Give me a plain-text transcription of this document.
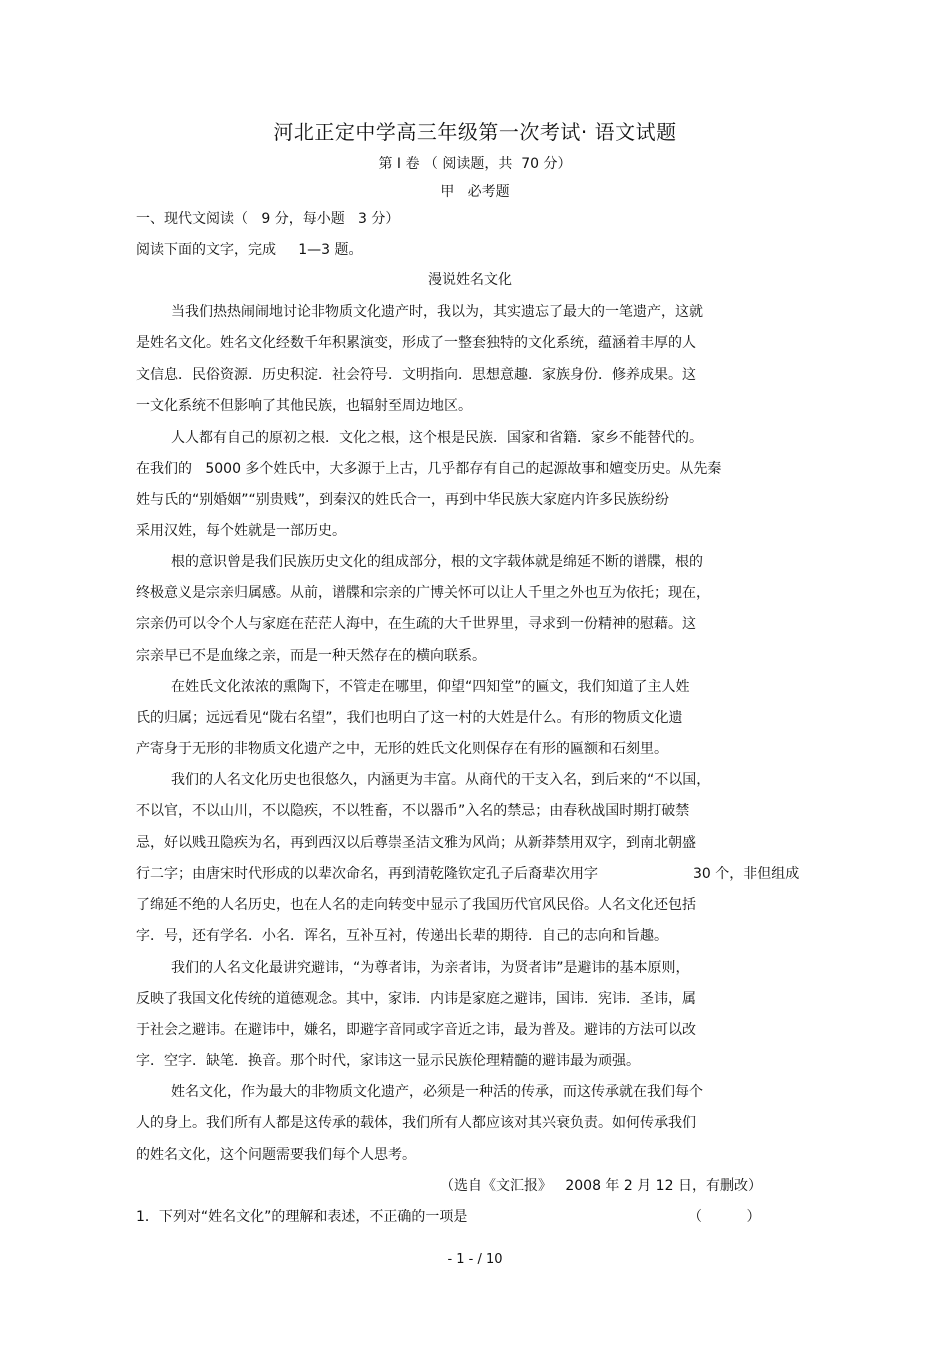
河北正定中学高三年级第一次考试· 语文试题
第 I 卷 （ 阅读题，共  70 分）
甲   必考题
一、现代文阅读（   9 分，每小题   3 分）
阅读下面的文字，完成     1—3 题。
漫说姓名文化
当我们热热闹闹地讨论非物质文化遗产时，我以为，其实遗忘了最大的一笔遗产，这就
是姓名文化。姓名文化经数千年积累演变，形成了一整套独特的文化系统，蕴涵着丰厚的人
文信息．民俗资源．历史积淀．社会符号．文明指向．思想意趣．家族身份．修养成果。这
一文化系统不但影响了其他民族，也辐射至周边地区。
人人都有自己的原初之根．文化之根，这个根是民族．国家和省籍．家乡不能替代的。
在我们的   5000 多个姓氏中，大多源于上古，几乎都存有自己的起源故事和嬗变历史。从先秦
姓与氏的“别婚姻”“别贵贱”，到秦汉的姓氏合一，再到中华民族大家庭内许多民族纷纷
采用汉姓，每个姓就是一部历史。
根的意识曾是我们民族历史文化的组成部分，根的文字载体就是绵延不断的谱牒，根的
终极意义是宗亲归属感。从前，谱牒和宗亲的广博关怀可以让人千里之外也互为依托；现在，
宗亲仍可以令个人与家庭在茫茫人海中，在生疏的大千世界里，寻求到一份精神的慰藉。这
宗亲早已不是血缘之亲，而是一种天然存在的横向联系。
在姓氏文化浓浓的熏陶下，不管走在哪里，仰望“四知堂”的匾文，我们知道了主人姓
氏的归属；远远看见“陇右名望”，我们也明白了这一村的大姓是什么。有形的物质文化遗
产寄身于无形的非物质文化遗产之中，无形的姓氏文化则保存在有形的匾额和石刻里。
我们的人名文化历史也很悠久，内涵更为丰富。从商代的干支入名，到后来的“不以国，
不以官，不以山川，不以隐疾，不以牲畜，不以器币”入名的禁忌；由春秋战国时期打破禁
忌，好以贱丑隐疾为名，再到西汉以后尊崇圣洁文雅为风尚；从新莽禁用双字，到南北朝盛
行二字；由唐宋时代形成的以辈次命名，再到清乾隆钦定孔子后裔辈次用字	30 个，非但组成
了绵延不绝的人名历史，也在人名的走向转变中显示了我国历代官风民俗。人名文化还包括
字．号，还有学名．小名．诨名，互补互衬，传递出长辈的期待．自己的志向和旨趣。
我们的人名文化最讲究避讳，“为尊者讳，为亲者讳，为贤者讳”是避讳的基本原则，
反映了我国文化传统的道德观念。其中，家讳．内讳是家庭之避讳，国讳．宪讳．圣讳，属
于社会之避讳。在避讳中，嫌名，即避字音同或字音近之讳，最为普及。避讳的方法可以改
字．空字．缺笔．换音。那个时代，家讳这一显示民族伦理精髓的避讳最为顽强。
姓名文化，作为最大的非物质文化遗产，必须是一种活的传承，而这传承就在我们每个
人的身上。我们所有人都是这传承的载体，我们所有人都应该对其兴衰负责。如何传承我们
的姓名文化，这个问题需要我们每个人思考。
（选自《文汇报》   2008 年 2 月 12 日，有删改）
1．下列对“姓名文化”的理解和表述，不正确的一项是	（          ）
- 1 - / 10
